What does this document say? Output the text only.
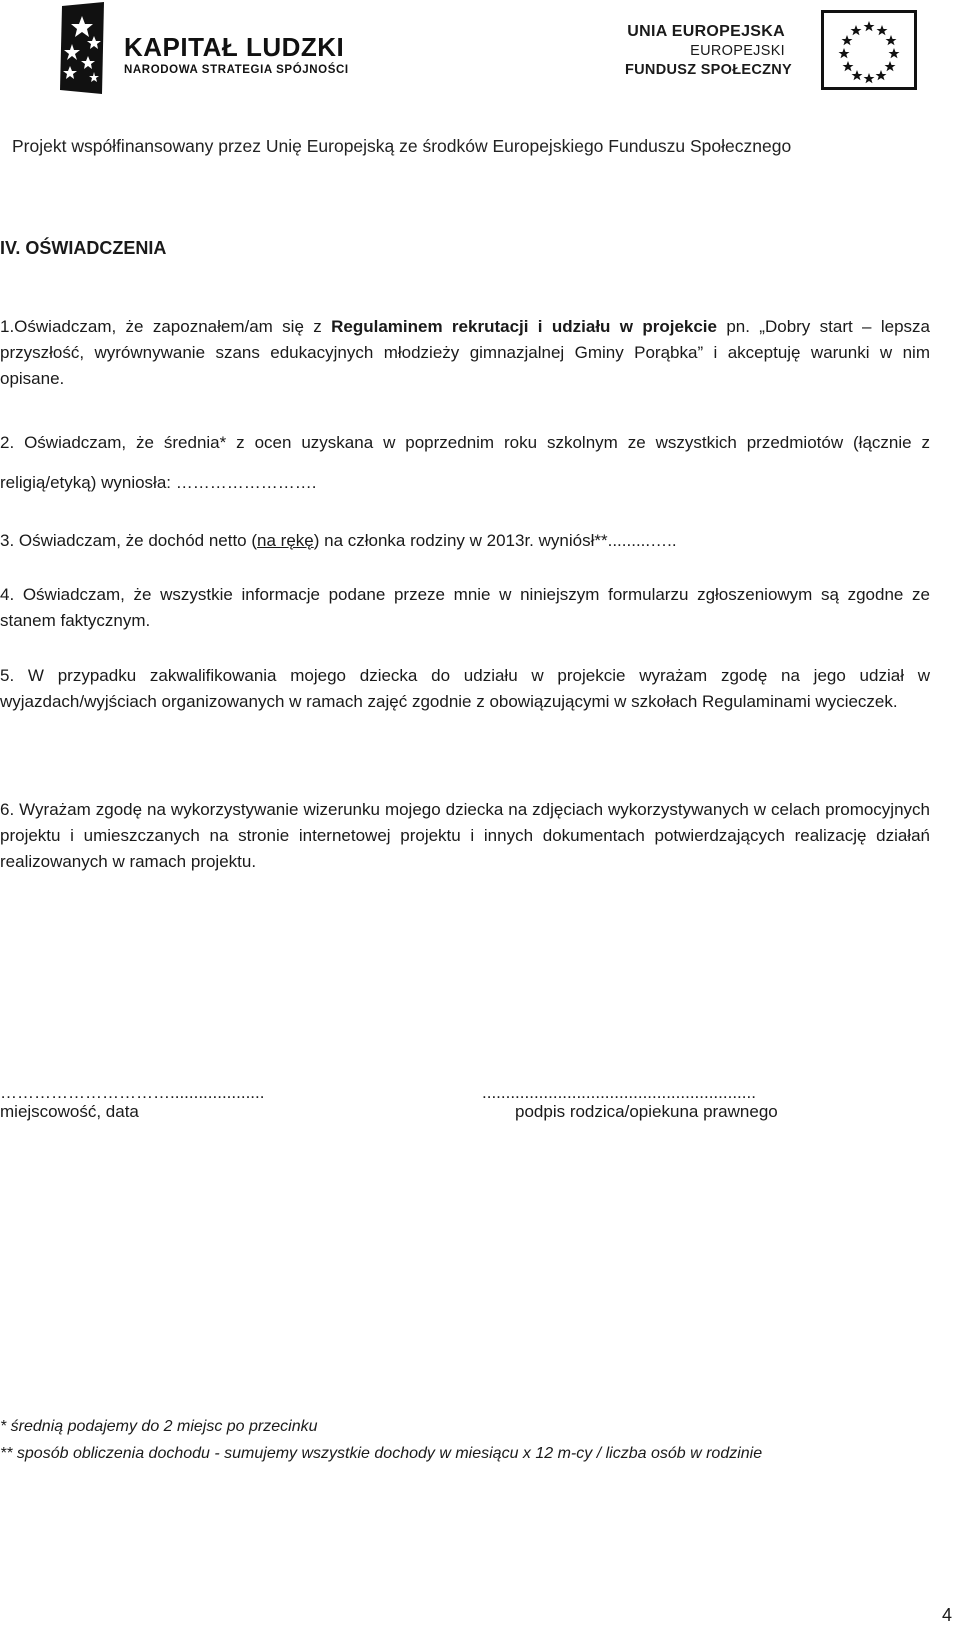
KAPITAŁ LUDZKI
NARODOWA STRATEGIA SPÓJNOŚCI
UNIA EUROPEJSKA
EUROPEJSKI
FUNDUSZ SPOŁECZNY
Projekt współfinansowany przez Unię Europejską ze środków Europejskiego Funduszu Społecznego
IV. OŚWIADCZENIA
1.Oświadczam, że zapoznałem/am się z Regulaminem rekrutacji i udziału w projekcie pn. „Dobry start – lepsza przyszłość, wyrównywanie szans edukacyjnych młodzieży gimnazjalnej Gminy Porąbka” i akceptuję warunki w nim opisane.
2. Oświadczam, że średnia* z ocen uzyskana w poprzednim roku szkolnym ze wszystkich przedmiotów (łącznie z religią/etyką) wyniosła: …………………….
3. Oświadczam, że dochód netto (na rękę) na członka rodziny w 2013r. wyniósł**.........…..
4. Oświadczam, że wszystkie informacje podane przeze mnie w niniejszym formularzu zgłoszeniowym są zgodne ze stanem faktycznym.
5. W przypadku zakwalifikowania mojego dziecka do udziału w projekcie wyrażam zgodę na jego udział w wyjazdach/wyjściach organizowanych w ramach zajęć zgodnie z obowiązującymi w szkołach Regulaminami wycieczek.
6. Wyrażam zgodę na wykorzystywanie wizerunku mojego dziecka na zdjęciach wykorzystywanych w celach promocyjnych projektu i umieszczanych na stronie internetowej projektu i innych dokumentach potwierdzających realizację działań realizowanych w ramach projektu.
…………………………....................
miejscowość, data
..........................................................
podpis rodzica/opiekuna prawnego
* średnią podajemy do 2 miejsc po przecinku
** sposób obliczenia dochodu - sumujemy wszystkie dochody w miesiącu x 12 m-cy / liczba osób w rodzinie
4
